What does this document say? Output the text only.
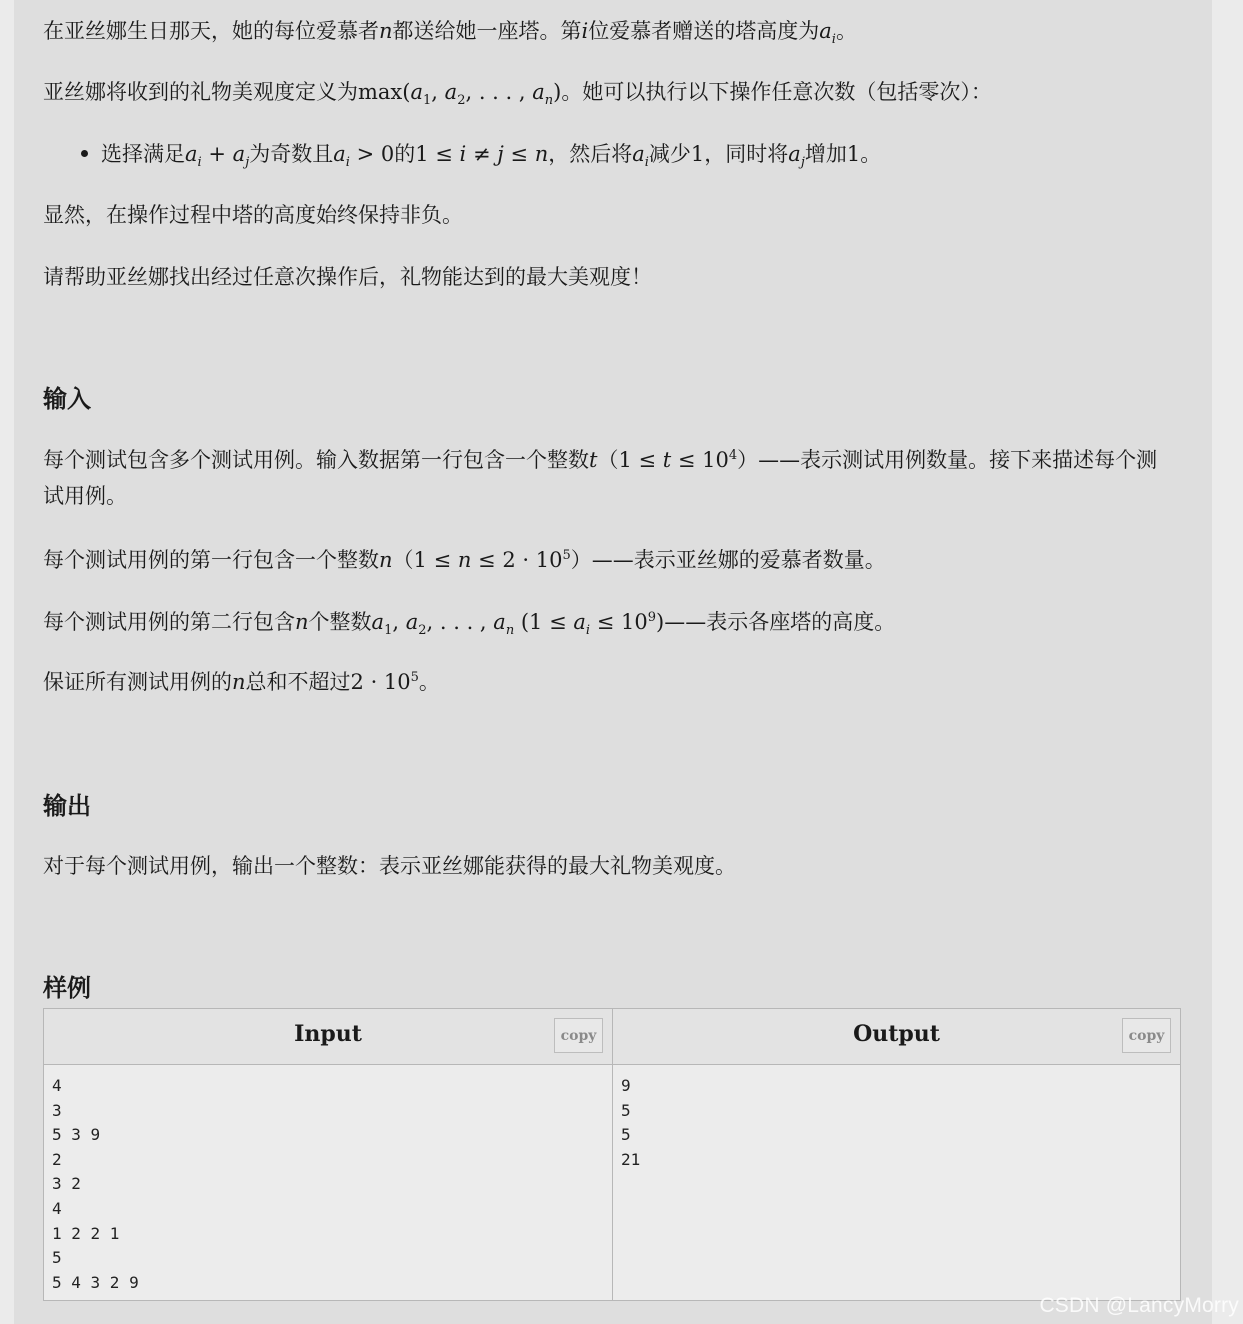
在亚丝娜生日那天，她的每位爱慕者n都送给她一座塔。第i位爱慕者赠送的塔高度为$a_i$。

亚丝娜将收到的礼物美观度定义为$\max(a_1$, $a_2$, . . . , $a_n$)。她可以执行以下操作任意次数（包括零次）：

选择满足$a_i + a_j$为奇数且$a_i > 0$的1 ≤ i ≠ j ≤ n，然后将$a_i$减少1，同时将$a_j$增加1。

显然，在操作过程中塔的高度始终保持非负。

请帮助亚丝娜找出经过任意次操作后，礼物能达到的最大美观度！

输入

每个测试包含多个测试用例。输入数据第一行包含一个整数$t(1 \le t \le 10^4)——$表示测试用例数量。接下来描述每个测试用例。

每个测试用例的第一行包含一个整数$n(1 \le n \le 2 \cdot 10^5)——$表示亚丝娜的爱慕者数量。

每个测试用例的第二行包含n个整数$a_1$, $a_2$, . . . , $a_n$ ($1 \le a_i$ ≤ $10^9)——$表示各座塔的高度。

保证所有测试用例的n总和不超过$2 \cdot 10^5$。

输出

对于每个测试用例，输出一个整数：表示亚丝娜能获得的最大礼物美观度。

样例
Input	copy
4
3
5 3 9
2
3 2
4
1 2 2 1
5
5 4 3 2 9
Output	copy
9
5
5
21
CSDN @LancyMorry
